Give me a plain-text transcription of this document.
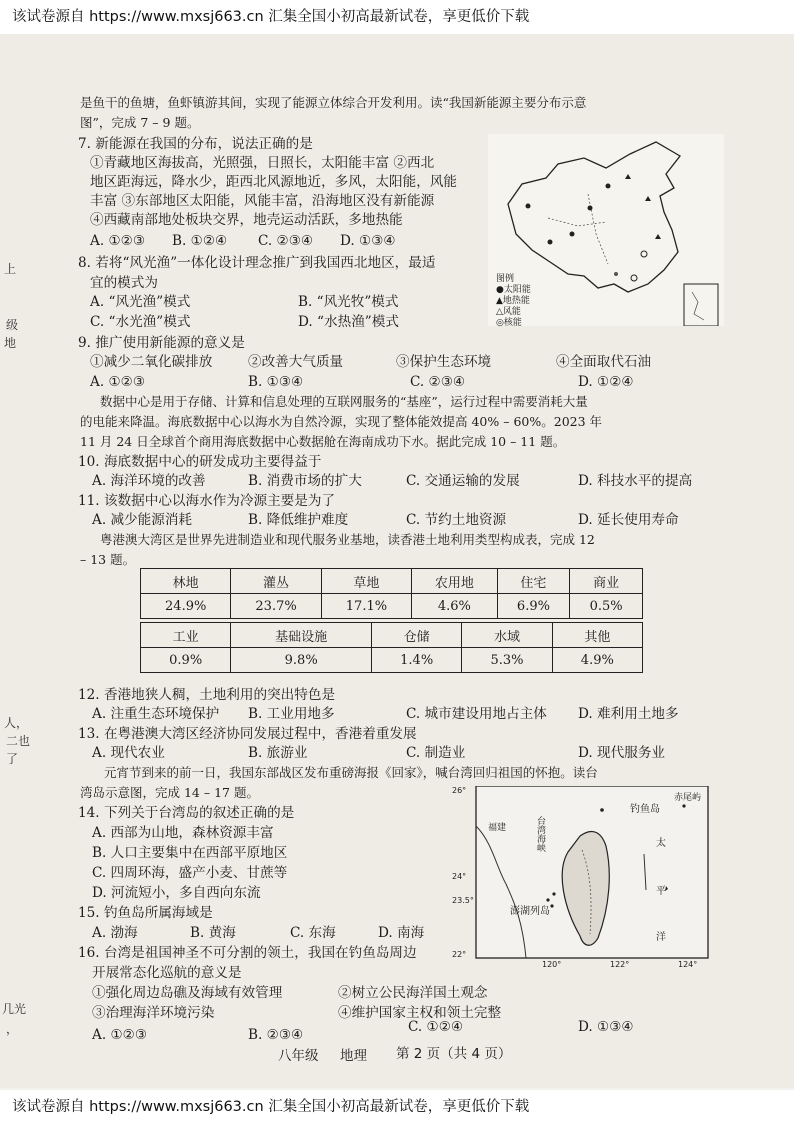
该试卷源自 https://www.mxsj663.cn 汇集全国小初高最新试卷，享更低价下载
该试卷源自 https://www.mxsj663.cn 汇集全国小初高最新试卷，享更低价下载
上
级
地
人，
二也
了
几光
，
是鱼干的鱼塘，鱼虾镇游其间，实现了能源立体综合开发利用。读“我国新能源主要分布示意
图”，完成 7 – 9 题。
7. 新能源在我国的分布，说法正确的是
①青藏地区海拔高，光照强，日照长，太阳能丰富 ②西北
地区距海远，降水少，距西北风源地近，多风，太阳能，风能
丰富 ③东部地区太阳能，风能丰富，沿海地区没有新能源
④西藏南部地处板块交界，地壳运动活跃，多地热能
A. ①②③ B. ①②④ C. ②③④ D. ①③④
图例
●太阳能
▲地热能
△风能
◎核能
8. 若将“风光渔”一体化设计理念推广到我国西北地区，最适
宜的模式为
A. “风光渔”模式	B. “风光牧”模式
C. “水光渔”模式	D. “水热渔”模式
9. 推广使用新能源的意义是
①减少二氧化碳排放	②改善大气质量	③保护生态环境	④全面取代石油
A. ①②③	B. ①③④	C. ②③④	D. ①②④
数据中心是用于存储、计算和信息处理的互联网服务的“基座”，运行过程中需要消耗大量
的电能来降温。海底数据中心以海水为自然冷源，实现了整体能效提高 40% – 60%。2023 年
11 月 24 日全球首个商用海底数据中心数据舱在海南成功下水。据此完成 10 – 11 题。
10. 海底数据中心的研发成功主要得益于
A. 海洋环境的改善	B. 消费市场的扩大	C. 交通运输的发展	D. 科技水平的提高
11. 该数据中心以海水作为冷源主要是为了
A. 减少能源消耗	B. 降低维护难度	C. 节约土地资源	D. 延长使用寿命
粤港澳大湾区是世界先进制造业和现代服务业基地，读香港土地利用类型构成表，完成 12
– 13 题。
林地	灌丛	草地	农用地	住宅	商业
24.9%	23.7%	17.1%	4.6%	6.9%	0.5%
工业	基础设施	仓储	水域	其他
0.9%	9.8%	1.4%	5.3%	4.9%
12. 香港地狭人稠，土地利用的突出特色是
A. 注重生态环境保护 B. 工业用地多	C. 城市建设用地占主体 D. 难利用土地多
13. 在粤港澳大湾区经济协同发展过程中，香港着重发展
A. 现代农业	B. 旅游业	C. 制造业	D. 现代服务业
元宵节到来的前一日，我国东部战区发布重磅海报《回家》，喊台湾回归祖国的怀抱。读台
湾岛示意图，完成 14 – 17 题。
14. 下列关于台湾岛的叙述正确的是
A. 西部为山地，森林资源丰富
B. 人口主要集中在西部平原地区
C. 四周环海，盛产小麦、甘蔗等
D. 河流短小，多自西向东流
15. 钓鱼岛所属海域是
A. 渤海	B. 黄海	C. 东海	D. 南海
16. 台湾是祖国神圣不可分割的领土，我国在钓鱼岛周边
开展常态化巡航的意义是
①强化周边岛礁及海域有效管理	②树立公民海洋国土观念
③治理海洋环境污染	④维护国家主权和领土完整
A. ①②③	B. ②③④	C. ①②④	D. ①③④
26°
24°
23.5°
22°
120°	122°	124°
钓鱼岛
赤尾屿
福建	台湾海峡
澎湖列岛
太
平
洋
八年级 地理 第 2 页（共 4 页）
